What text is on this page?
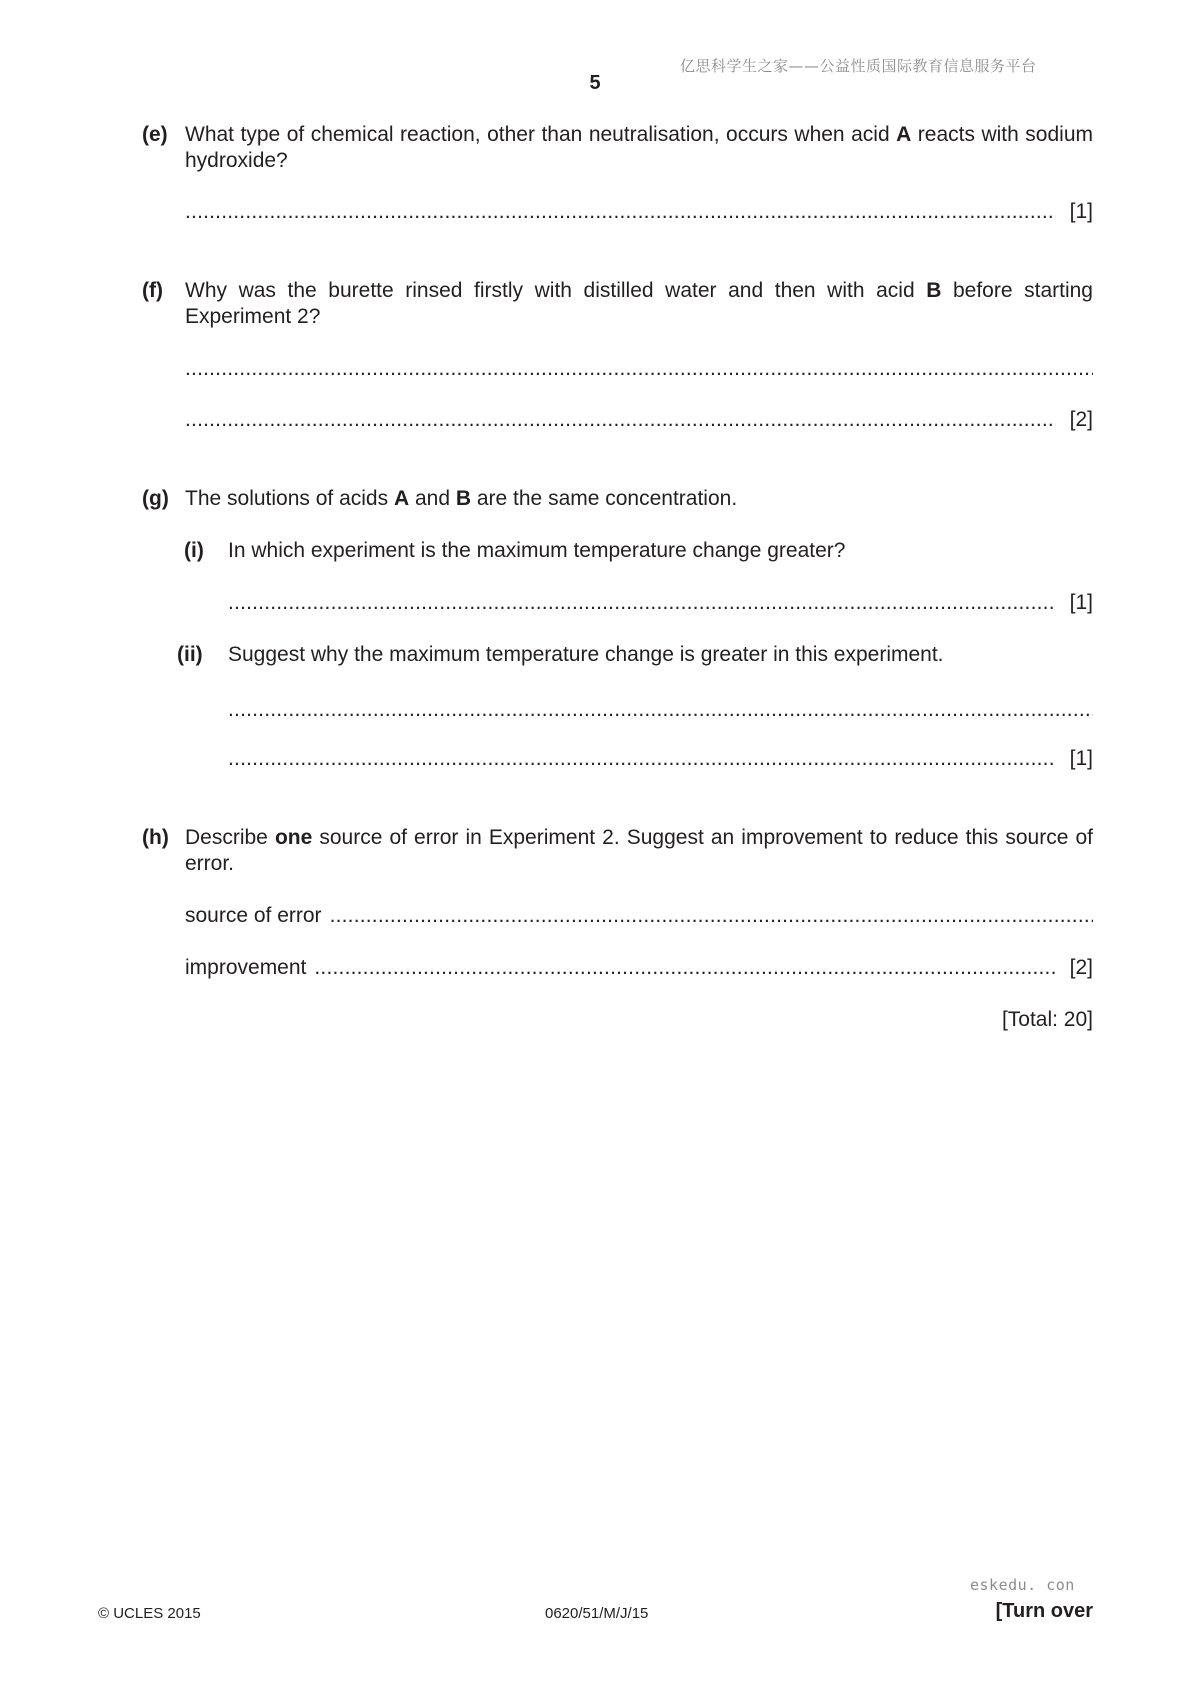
亿思科学生之家——公益性质国际教育信息服务平台
5
(e) What type of chemical reaction, other than neutralisation, occurs when acid A reacts with sodium hydroxide?
.....
[1]
(f) Why was the burette rinsed firstly with distilled water and then with acid B before starting Experiment 2?
.....
.....
[2]
(g) The solutions of acids A and B are the same concentration.
(i) In which experiment is the maximum temperature change greater?
.....
[1]
(ii) Suggest why the maximum temperature change is greater in this experiment.
.....
.....
[1]
(h) Describe one source of error in Experiment 2. Suggest an improvement to reduce this source of error.
source of error
.....
improvement
.....	[2]
[Total: 20]
eskedu. con
© UCLES 2015	0620/51/M/J/15	[Turn over
